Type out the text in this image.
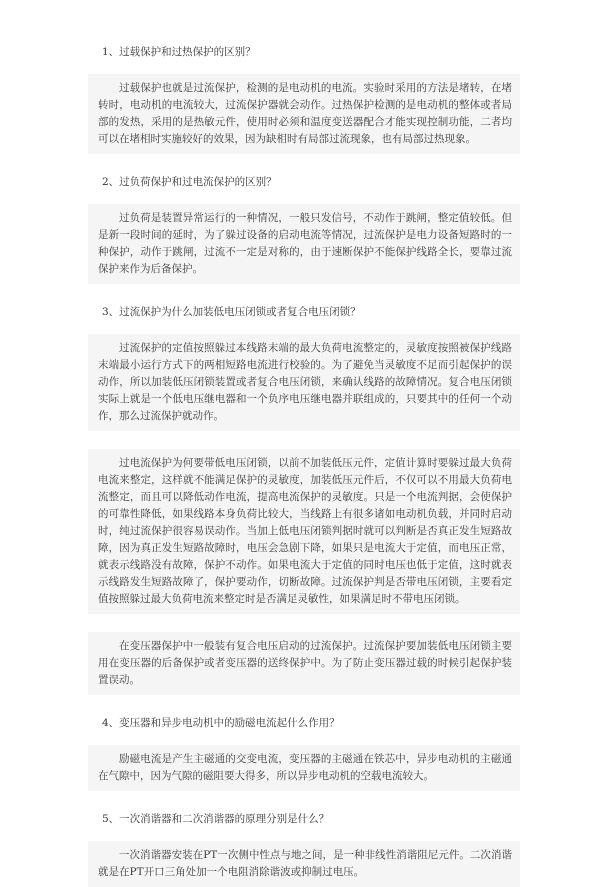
1、过载保护和过热保护的区别？

过载保护也就是过流保护，检测的是电动机的电流。实验时采用的方法是堵转，在堵转时，电动机的电流较大，过流保护器就会动作。过热保护检测的是电动机的整体或者局部的发热，采用的是热敏元件，使用时必须和温度变送器配合才能实现控制功能，二者均可以在堵相时实施较好的效果，因为缺相时有局部过流现象，也有局部过热现象。

2、过负荷保护和过电流保护的区别？

过负荷是装置异常运行的一种情况，一般只发信号，不动作于跳闸，整定值较低。但是新一段时间的延时，为了躲过设备的启动电流等情况，过流保护是电力设备短路时的一种保护，动作于跳闸，过流不一定是对称的，由于速断保护不能保护线路全长，要靠过流保护来作为后备保护。

3、过流保护为什么加装低电压闭锁或者复合电压闭锁？

过流保护的定值按照躲过本线路末端的最大负荷电流整定的，灵敏度按照被保护线路末端最小运行方式下的两相短路电流进行校验的。为了避免当灵敏度不足而引起保护的误动作，所以加装低压闭锁装置或者复合电压闭锁，来确认线路的故障情况。复合电压闭锁实际上就是一个低电压继电器和一个负序电压继电器并联组成的，只要其中的任何一个动作，那么过流保护就动作。

过电流保护为何要带低电压闭锁，以前不加装低压元件，定值计算时要躲过最大负荷电流来整定，这样就不能满足保护的灵敏度，加装低压元件后，不仅可以不用最大负荷电流整定，而且可以降低动作电流，提高电流保护的灵敏度。只是一个电流判据，会使保护的可靠性降低，如果线路本身负荷比较大，当线路上有很多诸如电动机负载，并同时启动时，纯过流保护很容易误动作。当加上低电压闭锁判据时就可以判断是否真正发生短路故障，因为真正发生短路故障时，电压会急剧下降，如果只是电流大于定值，而电压正常，就表示线路没有故障，保护不动作。如果电流大于定值的同时电压也低于定值，这时就表示线路发生短路故障了，保护要动作，切断故障。过流保护判是否带电压闭锁，主要看定值按照躲过最大负荷电流来整定时是否满足灵敏性，如果满足时不带电压闭锁。

在变压器保护中一般装有复合电压启动的过流保护。过流保护要加装低电压闭锁主要用在变压器的后备保护或者变压器的送终保护中。为了防止变压器过载的时候引起保护装置误动。

4、变压器和异步电动机中的励磁电流起什么作用？

励磁电流是产生主磁通的交变电流，变压器的主磁通在铁芯中，异步电动机的主磁通在气隙中，因为气隙的磁阻要大得多，所以异步电动机的空载电流较大。

5、一次消谐器和二次消谐器的原理分别是什么？

一次消谐器安装在PT一次侧中性点与地之间，是一种非线性消谐阻尼元件。二次消谐就是在PT开口三角处加一个电阻消除谐波或抑制过电压。
